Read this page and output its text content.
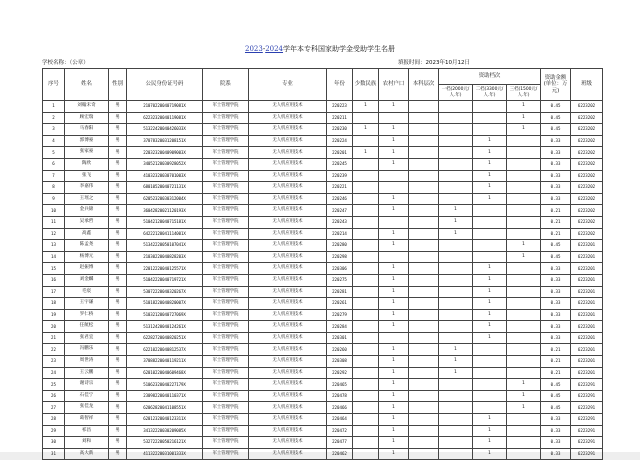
2023-2024学年本专科国家助学金受助学生名册

学校名称：（公章）	填报时间：2023年10月12日
序号	姓名	性别	公民身份证号码	院系	专业	年份	少数民族	农村户口	本科层次	资助档次			资助金额(单位：万元)	班级
										一档(2000元/人.年)	二档(3300元/人.年)	三档(1500元/人.年)		
1	刘翰未奇	男	21070220040719081X	军士管理学院	无人机应用技术	220223	1	1				1	0.45	6223202
2	顾宏瑞	男	62232320040119081X	军士管理学院	无人机应用技术	220211						1	0.45	6223202
3	马春阳	男	51322420040426033X	军士管理学院	无人机应用技术	220230	1	1				1	0.45	6223202
4	郭博豪	男	37078320031208151X	军士管理学院	无人机应用技术	220224		1			1		0.33	6223202
5	张家豪	男	22032320040909003X	军士管理学院	无人机应用技术	220201	1	1			1		0.33	6223202
6	陶欣	男	34052120030928052X	军士管理学院	无人机应用技术	220245		1			1		0.33	6223202
7	张飞	男	41032320030701003X	军士管理学院	无人机应用技术	220239					1		0.33	6223202
8	李嘉伟	男	68010520040721131X	军士管理学院	无人机应用技术	220221					1		0.33	6223202
9	王瑶之	男	62052320030312004X	军士管理学院	无人机应用技术	220246		1			1		0.33	6223202
10	金兵锦	男	36042820021120193X	军士管理学院	无人机应用技术	220247		1		1			0.21	6223202
11	吴承哲	男	51042120040715181X	军士管理学院	无人机应用技术	220243				1			0.21	6223202
12	高鑫	男	64222120041114001X	军士管理学院	无人机应用技术	220214		1		1			0.21	6223202
13	陈孟尧	男	51342220050107041X	军士管理学院	无人机应用技术	220280		1				1	0.45	6223201
14	杨博元	男	21030220040828203X	军士管理学院	无人机应用技术	220298						1	0.45	6223201
15	赵振博	男	22012220040125571X	军士管理学院	无人机应用技术	220306		1			1		0.33	6223201
16	刘金麟	男	51042220040719721X	军士管理学院	无人机应用技术	220275		1			1		0.33	6223201
17	毛宸	男	53072220040320267X	军士管理学院	无人机应用技术	220281		1			1		0.33	6223201
18	王宇谦	男	51018220040820007X	军士管理学院	无人机应用技术	220261		1			1		0.33	6223201
19	罗仁桥	男	51032120040727069X	军士管理学院	无人机应用技术	220279		1			1		0.33	6223201
20	任航松	男	51312420040124261X	军士管理学院	无人机应用技术	220284		1			1		0.33	6223201
21	张君宜	男	62282720040820251X	军士管理学院	无人机应用技术	220301					1		0.33	6223201
22	冯鹏乐	男	62210220040812537X	军士管理学院	无人机应用技术	220260		1		1			0.21	6223201
23	周世涛	男	37088220040119211X	军士管理学院	无人机应用技术	220308		1		1			0.21	6223201
24	王云鹏	男	62010220040609468X	军士管理学院	无人机应用技术	220292		1		1			0.21	6223201
25	谢诗宗	男	51062320040227179X	军士管理学院	无人机应用技术	220465		1				1	0.45	6223291
26	石佳宁	男	23098220040110371X	军士管理学院	无人机应用技术	220478		1				1	0.45	6223291
27	张佳龙	男	62062820041108551X	军士管理学院	无人机应用技术	220466		1				1	0.45	6223291
28	葛智祥	男	62012320040123311X	军士管理学院	无人机应用技术	220464		1			1		0.33	6223291
29	祁昌	男	34132220030209085X	军士管理学院	无人机应用技术	220472		1			1		0.33	6223291
30	刘和	男	53272220050216121X	军士管理学院	无人机应用技术	220477		1			1		0.33	6223291
31	高大新	男	41132220031001333X	军士管理学院	无人机应用技术	220462		1			1		0.33	6223291
